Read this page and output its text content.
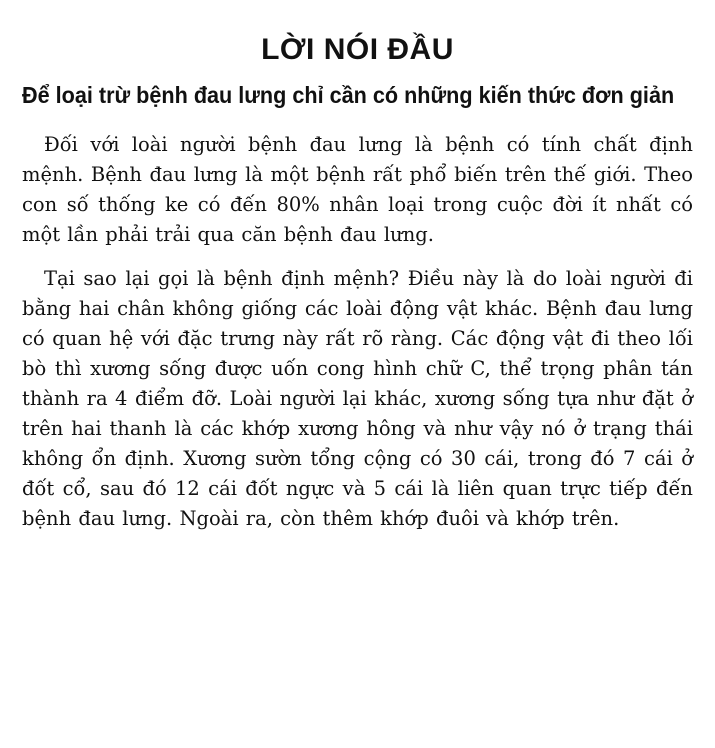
LỜI NÓI ĐẦU
Để loại trừ bệnh đau lưng chỉ cần có những kiến thức đơn giản

Đối với loài người bệnh đau lưng là bệnh có tính chất định mệnh. Bệnh đau lưng là một bệnh rất phổ biến trên thế giới. Theo con số thống ke có đến 80% nhân loại trong cuộc đời ít nhất có một lần phải trải qua căn bệnh đau lưng.

Tại sao lại gọi là bệnh định mệnh? Điều này là do loài người đi bằng hai chân không giống các loài động vật khác. Bệnh đau lưng có quan hệ với đặc trưng này rất rõ ràng. Các động vật đi theo lối bò thì xương sống được uốn cong hình chữ C, thể trọng phân tán thành ra 4 điểm đỡ. Loài người lại khác, xương sống tựa như đặt ở trên hai thanh là các khớp xương hông và như vậy nó ở trạng thái không ổn định. Xương sườn tổng cộng có 30 cái, trong đó 7 cái ở đốt cổ, sau đó 12 cái đốt ngực và 5 cái là liên quan trực tiếp đến bệnh đau lưng. Ngoài ra, còn thêm khớp đuôi và khớp trên.
